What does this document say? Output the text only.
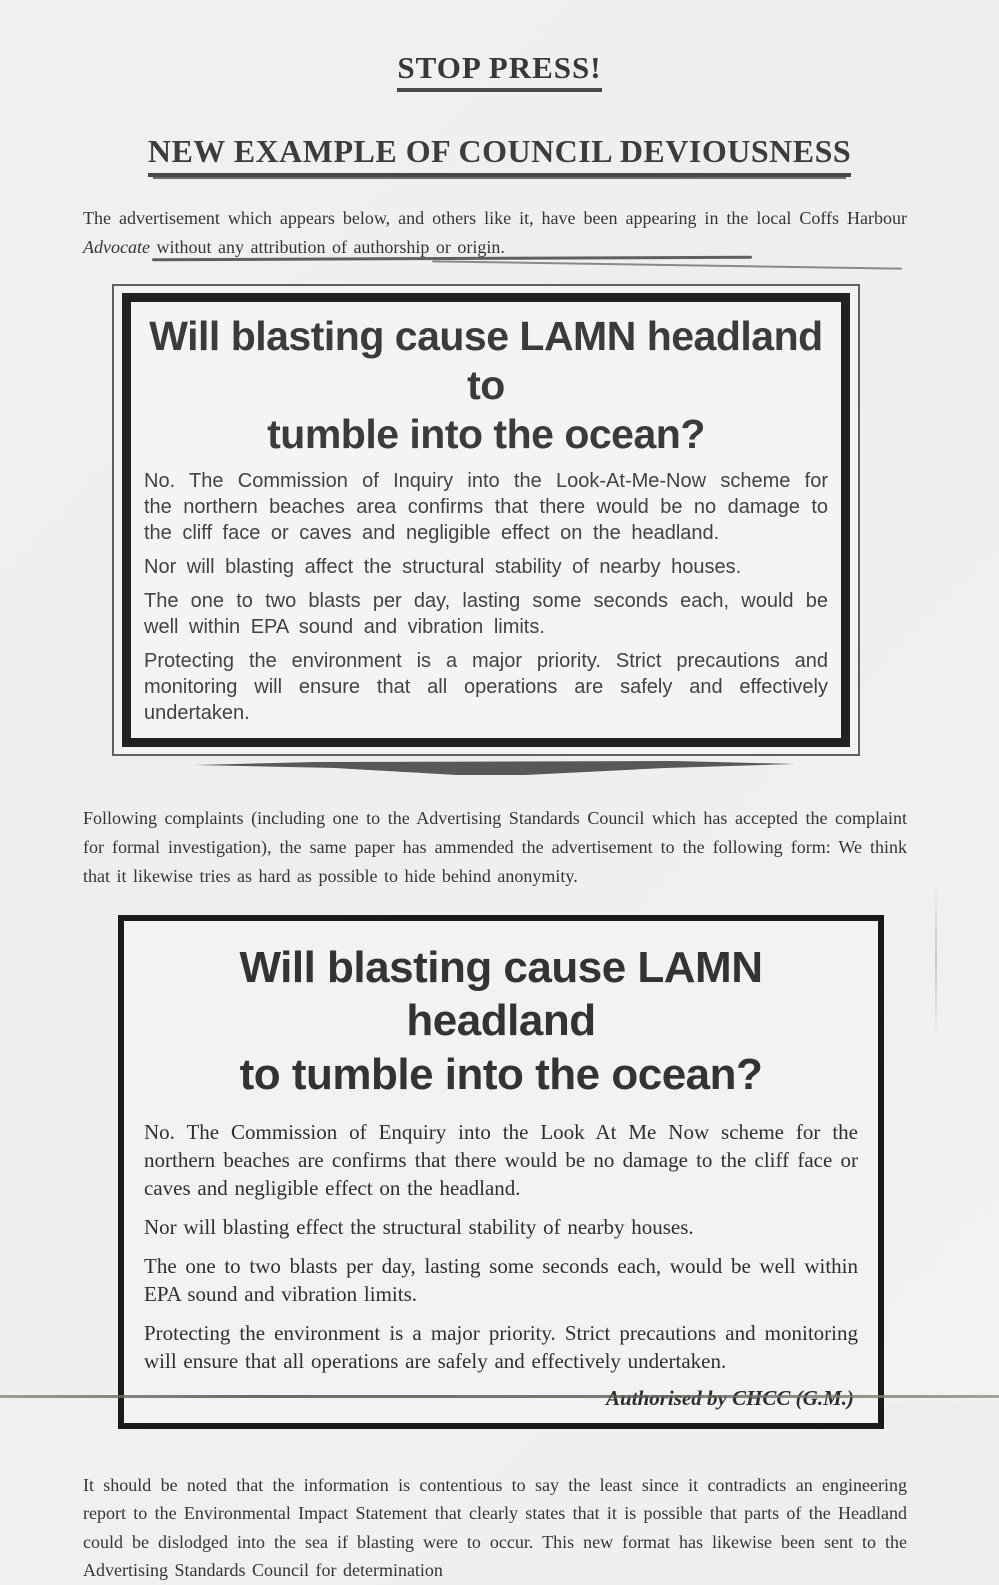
STOP PRESS!
NEW EXAMPLE OF COUNCIL DEVIOUSNESS

The advertisement which appears below, and others like it, have been appearing in the local Coffs Harbour Advocate without any attribution of authorship or origin.

Will blasting cause LAMN headland to
tumble into the ocean?

No. The Commission of Inquiry into the Look-At-Me-Now scheme for the northern beaches area confirms that there would be no damage to the cliff face or caves and negligible effect on the headland.

Nor will blasting affect the structural stability of nearby houses.

The one to two blasts per day, lasting some seconds each, would be well within EPA sound and vibration limits.

Protecting the environment is a major priority. Strict precautions and monitoring will ensure that all operations are safely and effectively undertaken.

Following complaints (including one to the Advertising Standards Council which has accepted the complaint for formal investigation), the same paper has ammended the advertisement to the following form: We think that it likewise tries as hard as possible to hide behind anonymity.

Will blasting cause LAMN headland
to tumble into the ocean?

No. The Commission of Enquiry into the Look At Me Now scheme for the northern beaches are confirms that there would be no damage to the cliff face or caves and negligible effect on the headland.

Nor will blasting effect the structural stability of nearby houses.

The one to two blasts per day, lasting some seconds each, would be well within EPA sound and vibration limits.

Protecting the environment is a major priority. Strict precautions and monitoring will ensure that all operations are safely and effectively undertaken.

It should be noted that the information is contentious to say the least since it contradicts an engineering report to the Environmental Impact Statement that clearly states that it is possible that parts of the Headland could be dislodged into the sea if blasting were to occur. This new format has likewise been sent to the Advertising Standards Council for determination
